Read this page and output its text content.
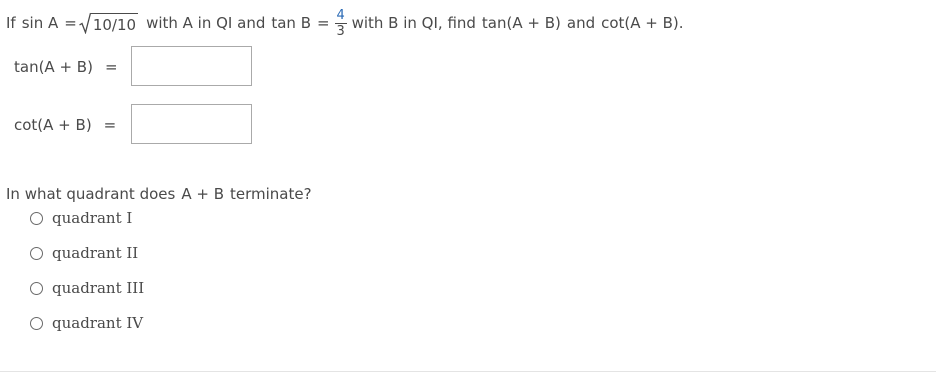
If sin A = 10/10 with A in QI and $\tan B = \frac{4}{3}$ with B in QI, find tan(A + B) and cot(A + B).
tan(A + B) =
cot(A + B) =
In what quadrant does A + B terminate?
quadrant I
quadrant II
quadrant III
quadrant IV
